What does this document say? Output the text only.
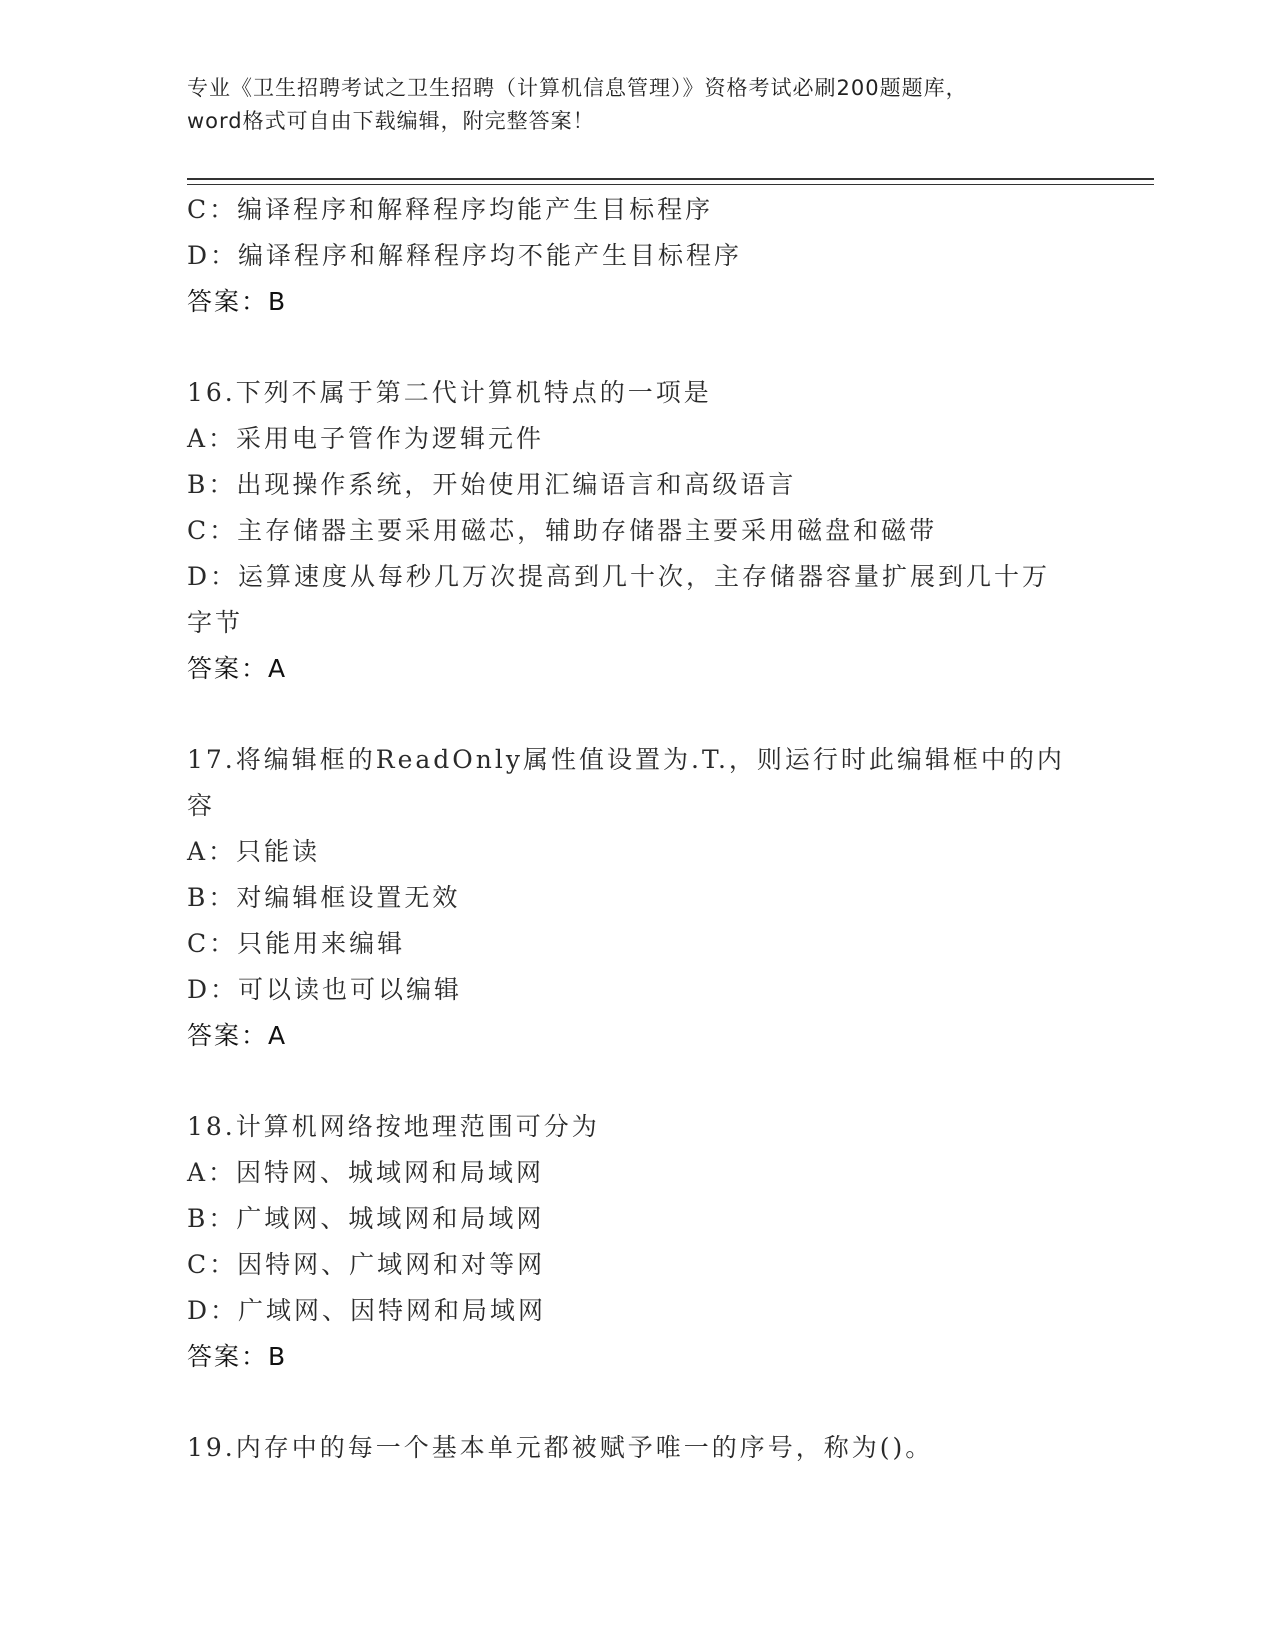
专业《卫生招聘考试之卫生招聘（计算机信息管理）》资格考试必刷200题题库，
word格式可自由下载编辑，附完整答案！
C：编译程序和解释程序均能产生目标程序
D：编译程序和解释程序均不能产生目标程序
答案：B
16.下列不属于第二代计算机特点的一项是
A：采用电子管作为逻辑元件
B：出现操作系统，开始使用汇编语言和高级语言
C：主存储器主要采用磁芯，辅助存储器主要采用磁盘和磁带
D：运算速度从每秒几万次提高到几十次，主存储器容量扩展到几十万
字节
答案：A
17.将编辑框的ReadOnly属性值设置为.T.，则运行时此编辑框中的内
容
A：只能读
B：对编辑框设置无效
C：只能用来编辑
D：可以读也可以编辑
答案：A
18.计算机网络按地理范围可分为
A：因特网、城域网和局域网
B：广域网、城域网和局域网
C：因特网、广域网和对等网
D：广域网、因特网和局域网
答案：B
19.内存中的每一个基本单元都被赋予唯一的序号，称为()。
